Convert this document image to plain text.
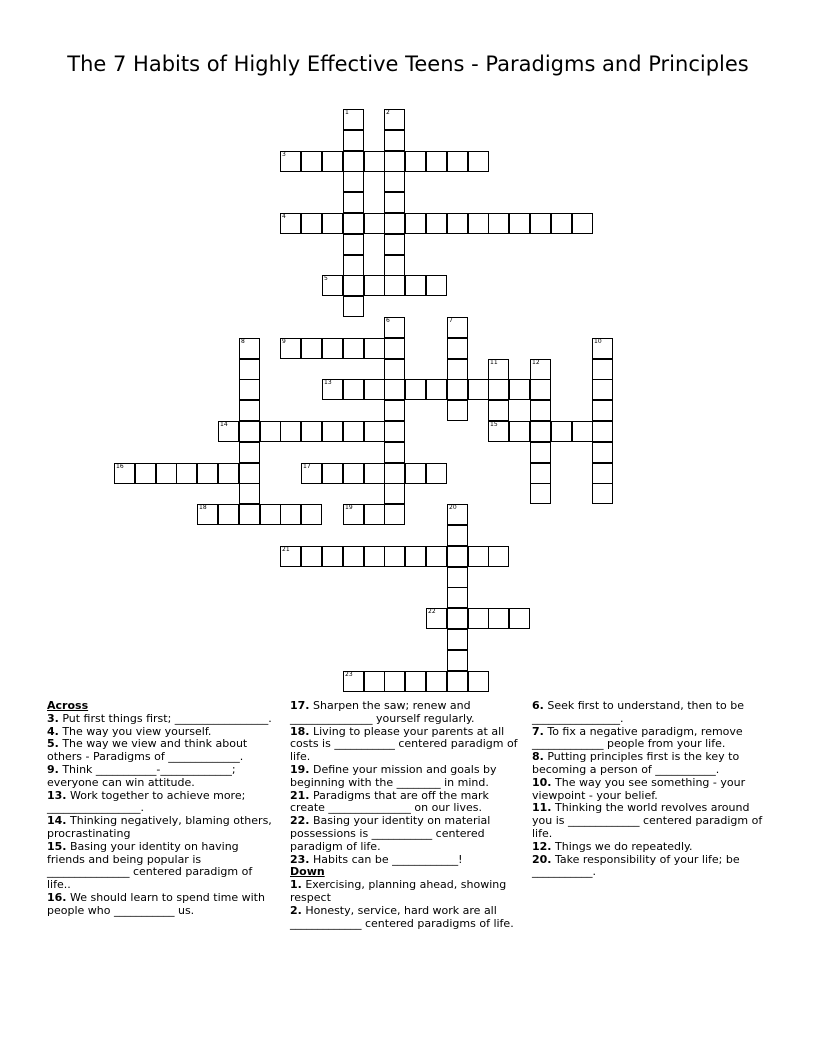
The 7 Habits of Highly Effective Teens - Paradigms and Principles
1	2
3
4
5
6	7
8	9	10
11	12
13
14	15
16	17
18	19	20
21
22
23
Across
3. Put first things first; _________________.
4. The way you view yourself.
5. The way we view and think about others - Paradigms of _____________.
9. Think ___________-_____________; everyone can win attitude.
13. Work together to achieve more; _________________.
14. Thinking negatively, blaming others, procrastinating
15. Basing your identity on having friends and being popular is _______________ centered paradigm of life..
16. We should learn to spend time with people who ___________ us.
17. Sharpen the saw; renew and _______________ yourself regularly.
18. Living to please your parents at all costs is ___________ centered paradigm of life.
19. Define your mission and goals by beginning with the ________ in mind.
21. Paradigms that are off the mark create _______________ on our lives.
22. Basing your identity on material possessions is ___________ centered paradigm of life.
23. Habits can be ____________!
Down
1. Exercising, planning ahead, showing respect
2. Honesty, service, hard work are all _____________ centered paradigms of life.
6. Seek first to understand, then to be ________________.
7. To fix a negative paradigm, remove _____________ people from your life.
8. Putting principles first is the key to becoming a person of ___________.
10. The way you see something - your viewpoint - your belief.
11. Thinking the world revolves around you is _____________ centered paradigm of life.
12. Things we do repeatedly.
20. Take responsibility of your life; be ___________.
